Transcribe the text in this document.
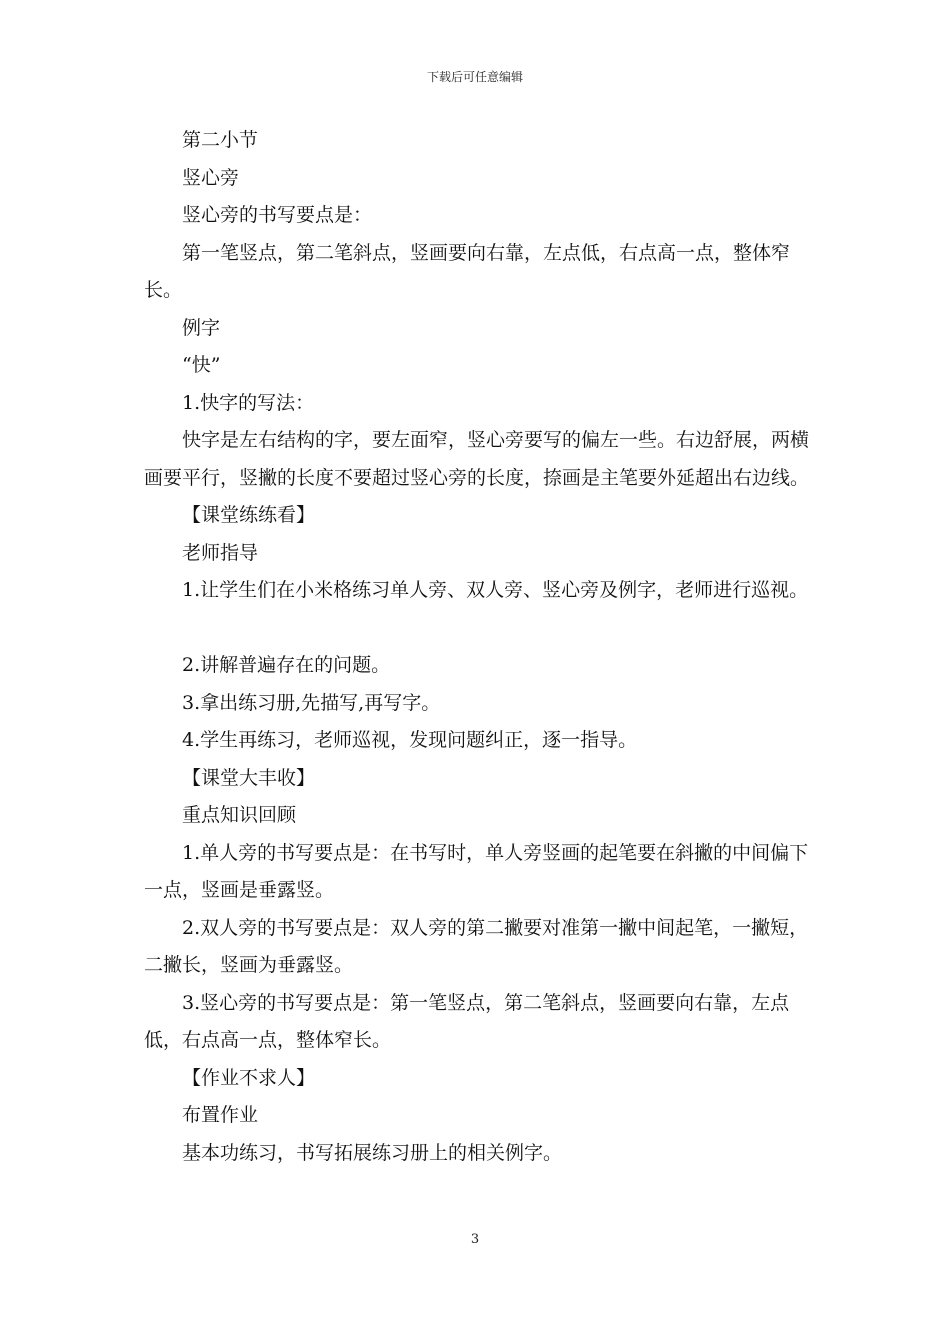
下载后可任意编辑

第二小节

竖心旁

竖心旁的书写要点是：

第一笔竖点，第二笔斜点，竖画要向右靠，左点低，右点高一点，整体窄长。

例字

“快”

1.快字的写法：

快字是左右结构的字，要左面窄，竖心旁要写的偏左一些。右边舒展，两横画要平行，竖撇的长度不要超过竖心旁的长度，捺画是主笔要外延超出右边线。

【课堂练练看】

老师指导

1.让学生们在小米格练习单人旁、双人旁、竖心旁及例字，老师进行巡视。

2.讲解普遍存在的问题。

3.拿出练习册,先描写,再写字。

4.学生再练习，老师巡视，发现问题纠正，逐一指导。

【课堂大丰收】

重点知识回顾

1.单人旁的书写要点是：在书写时，单人旁竖画的起笔要在斜撇的中间偏下一点，竖画是垂露竖。

2.双人旁的书写要点是：双人旁的第二撇要对准第一撇中间起笔，一撇短，二撇长，竖画为垂露竖。

3.竖心旁的书写要点是：第一笔竖点，第二笔斜点，竖画要向右靠，左点低，右点高一点，整体窄长。

【作业不求人】

布置作业

基本功练习，书写拓展练习册上的相关例字。

3
